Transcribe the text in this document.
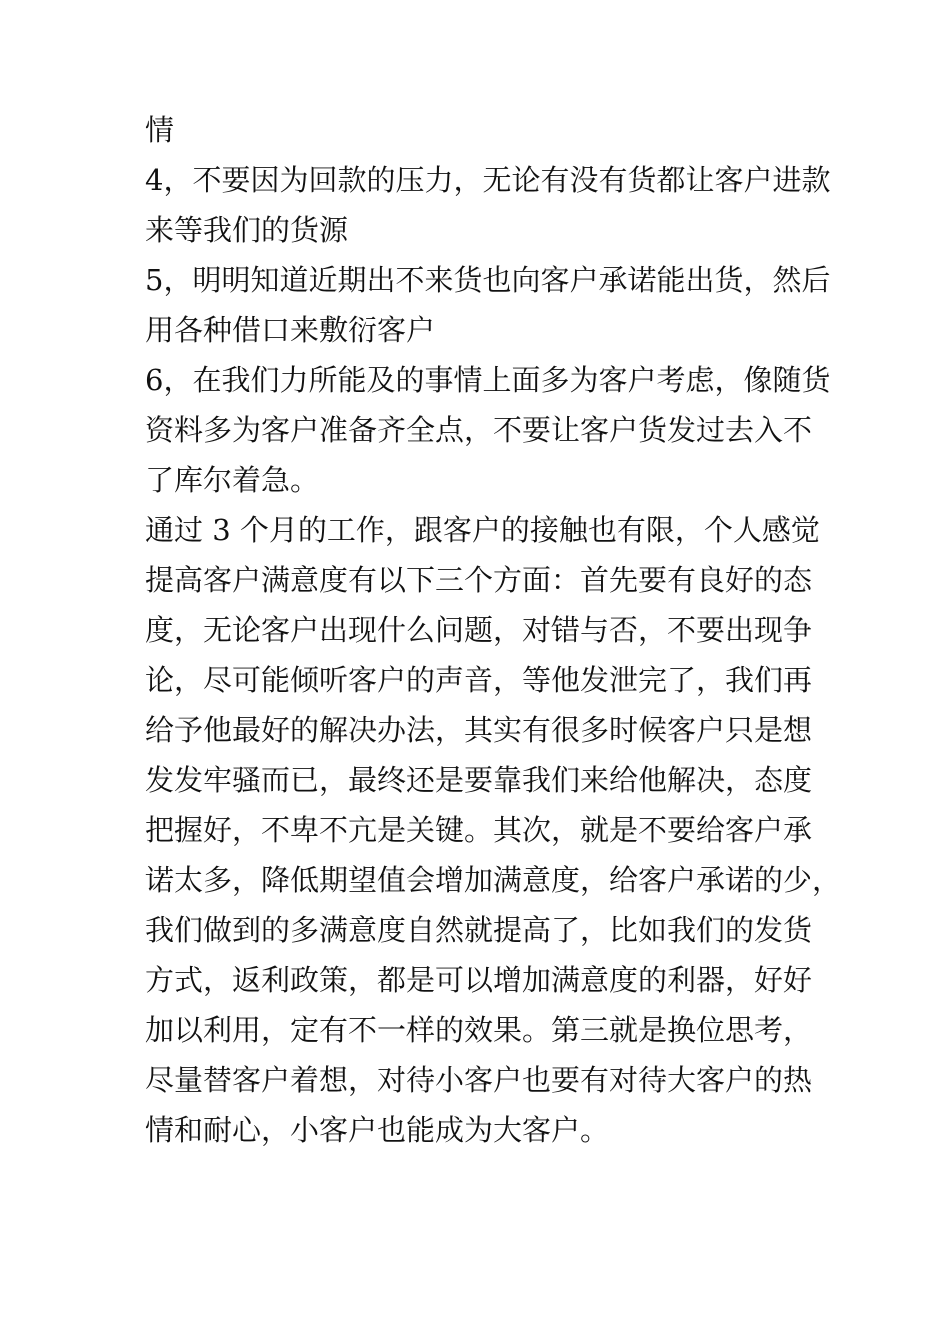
情
4，不要因为回款的压力，无论有没有货都让客户进款
来等我们的货源
5，明明知道近期出不来货也向客户承诺能出货，然后
用各种借口来敷衍客户
6，在我们力所能及的事情上面多为客户考虑，像随货
资料多为客户准备齐全点，不要让客户货发过去入不
了库尔着急。
通过 3 个月的工作，跟客户的接触也有限，个人感觉
提高客户满意度有以下三个方面：首先要有良好的态
度，无论客户出现什么问题，对错与否，不要出现争
论，尽可能倾听客户的声音，等他发泄完了，我们再
给予他最好的解决办法，其实有很多时候客户只是想
发发牢骚而已，最终还是要靠我们来给他解决，态度
把握好，不卑不亢是关键。其次，就是不要给客户承
诺太多，降低期望值会增加满意度，给客户承诺的少，
我们做到的多满意度自然就提高了，比如我们的发货
方式，返利政策，都是可以增加满意度的利器，好好
加以利用，定有不一样的效果。第三就是换位思考，
尽量替客户着想，对待小客户也要有对待大客户的热
情和耐心，小客户也能成为大客户。
